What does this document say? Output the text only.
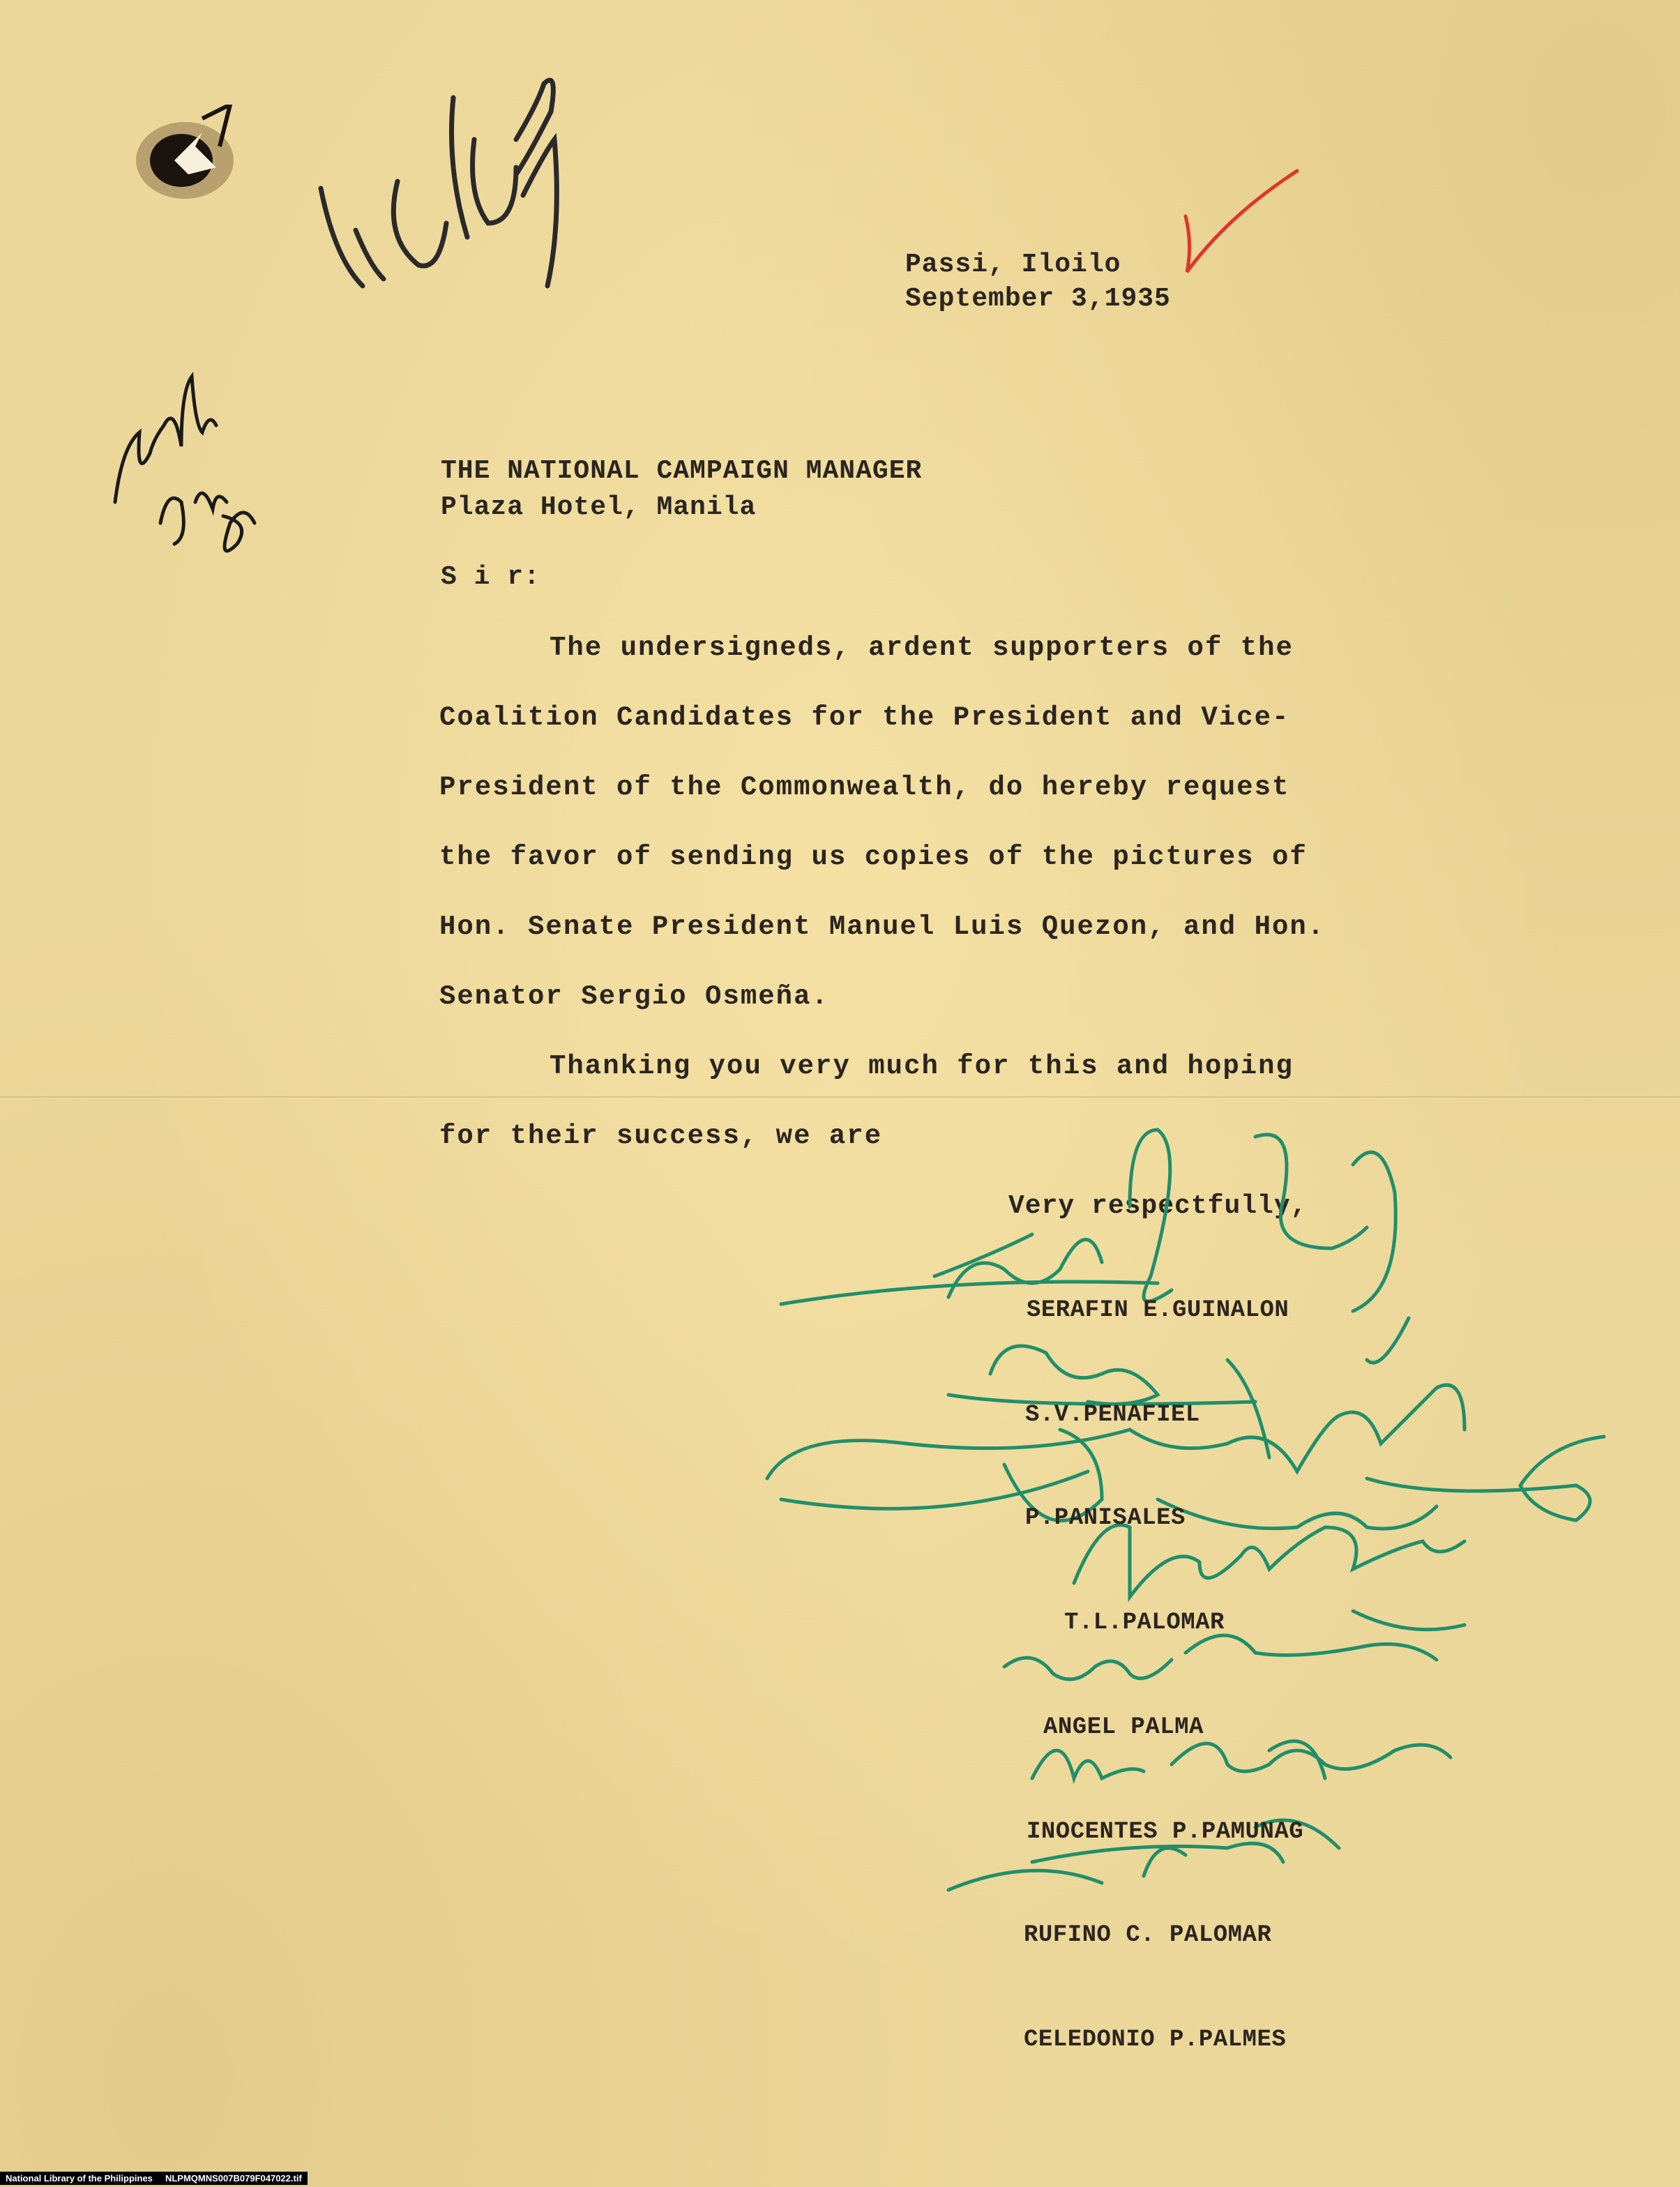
Passi, Iloilo
September 3,1935
THE NATIONAL CAMPAIGN MANAGER
Plaza Hotel, Manila
S i r:
The undersigneds, ardent supporters of the
Coalition Candidates for the President and Vice-
President of the Commonwealth, do hereby request
the favor of sending us copies of the pictures of
Hon. Senate President Manuel Luis Quezon, and Hon.
Senator Sergio Osmeña.
Thanking you very much for this and hoping
for their success, we are
Very respectfully,
SERAFIN E.GUINALON
S.V.PENAFIEL
P.PANISALES
T.L.PALOMAR
ANGEL PALMA
INOCENTES P.PAMUNAG
RUFINO C. PALOMAR
CELEDONIO P.PALMES
National Library of the Philippines     NLPMQMNS007B079F047022.tif
